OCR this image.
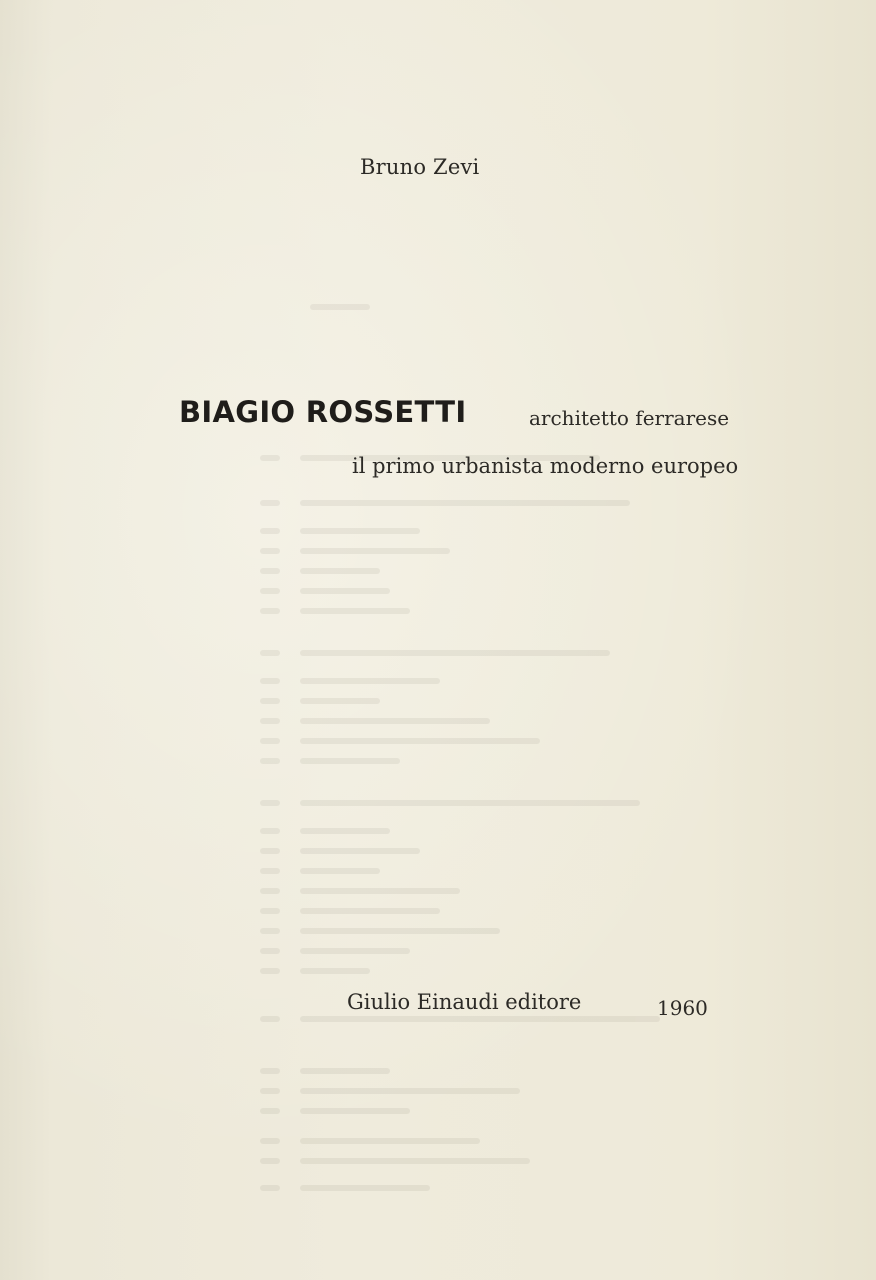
Bruno Zevi
BIAGIO ROSSETTI	architetto ferrarese
il primo urbanista moderno europeo
Giulio Einaudi editore	1960
